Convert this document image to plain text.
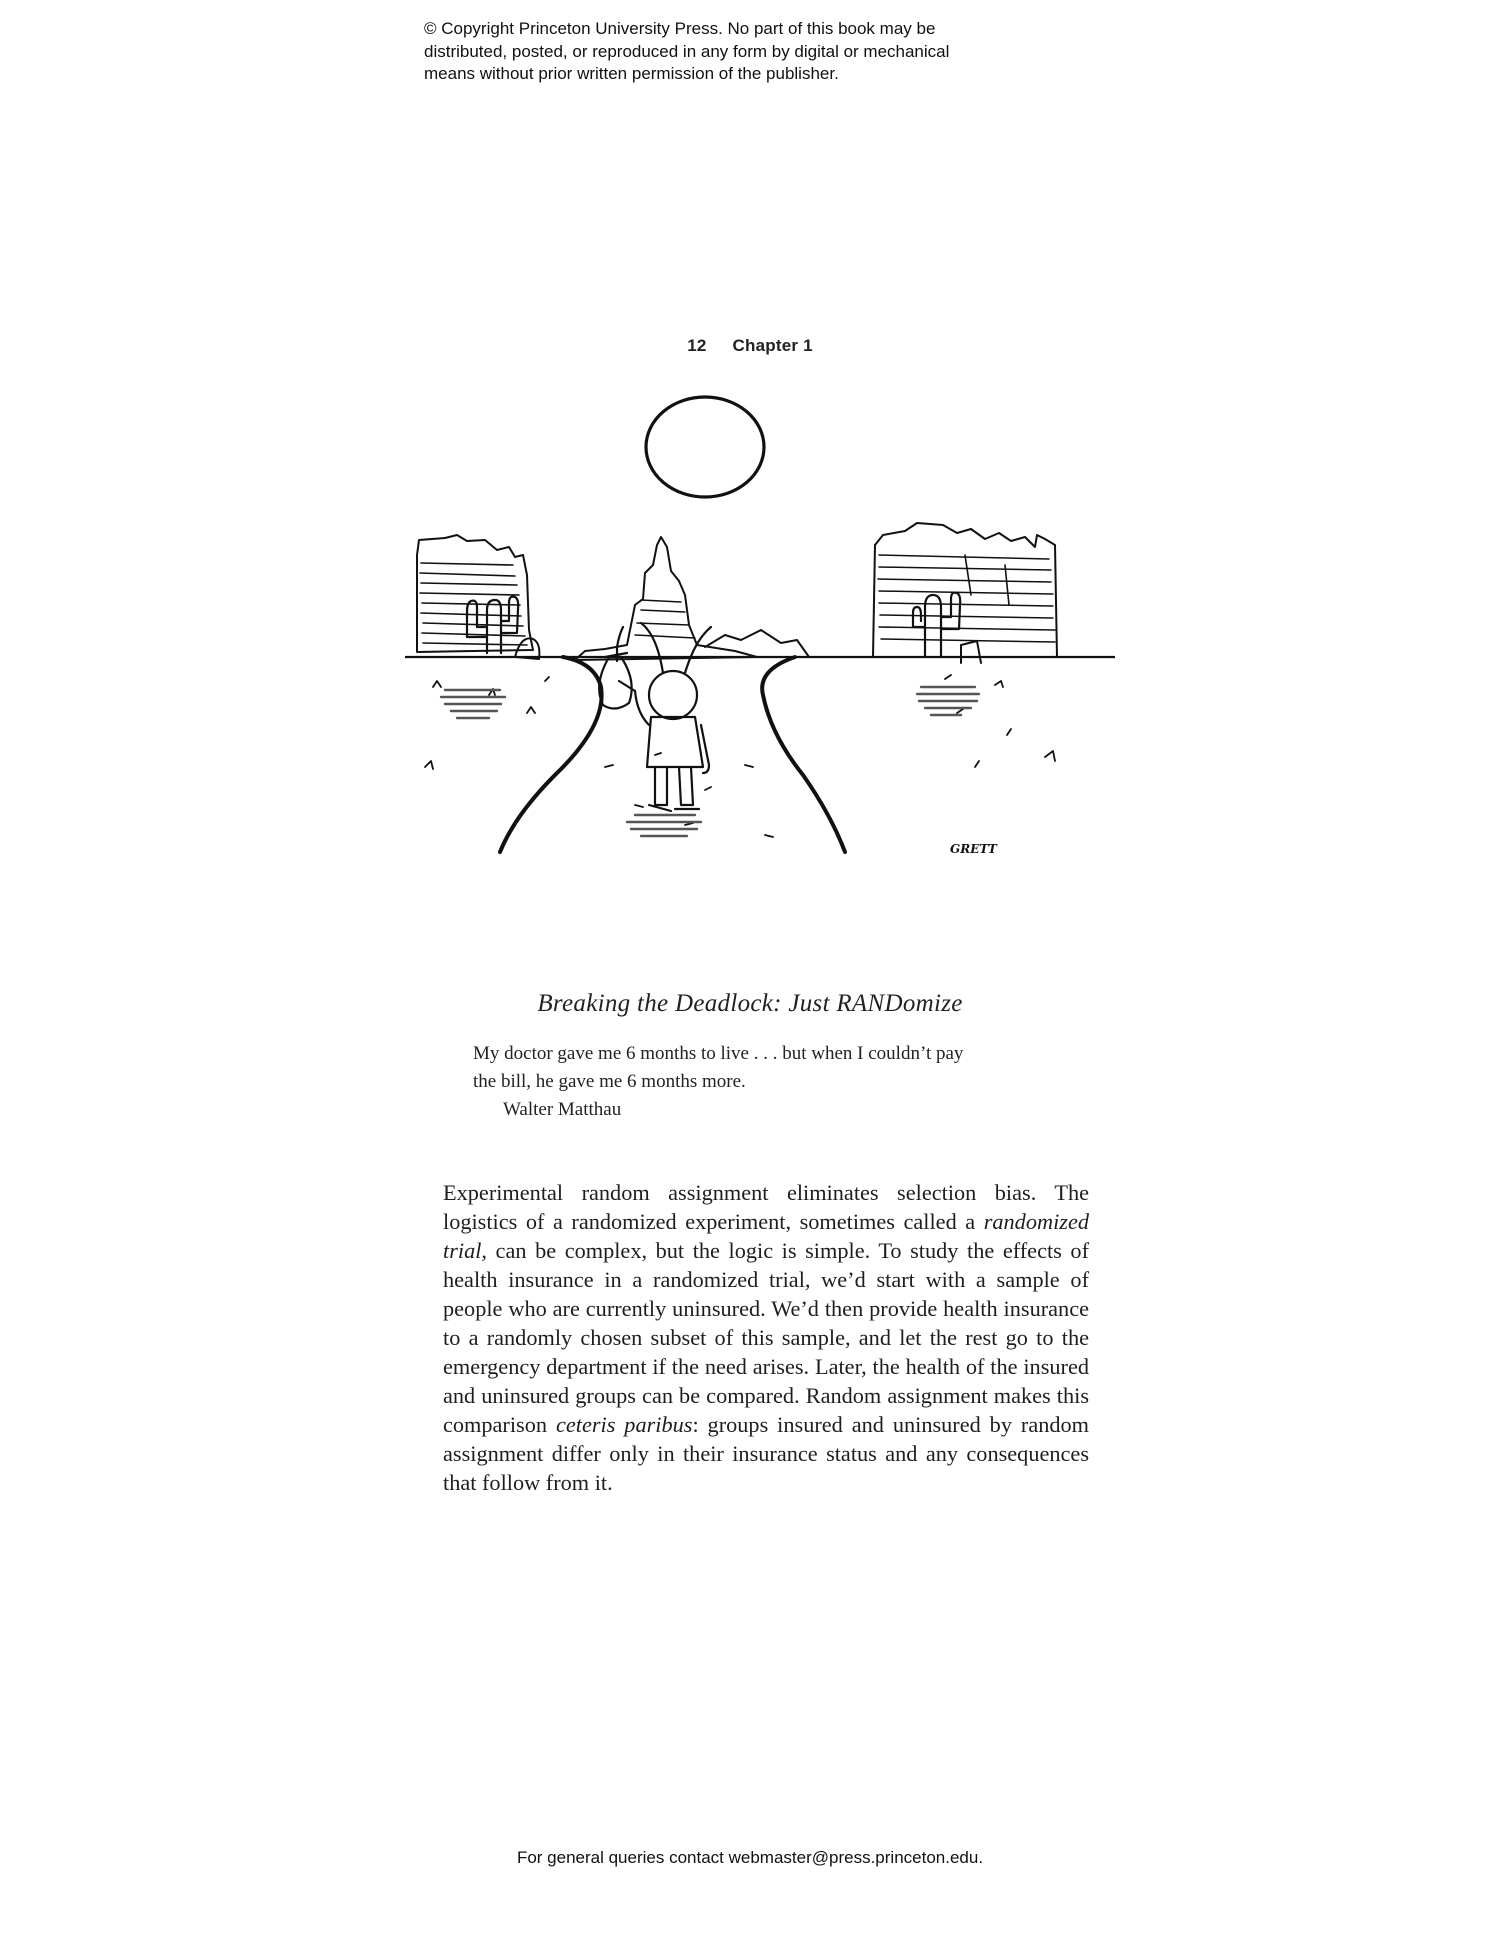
© Copyright Princeton University Press. No part of this book may be
distributed, posted, or reproduced in any form by digital or mechanical
means without prior written permission of the publisher.
12 Chapter 1
GRETT
Breaking the Deadlock: Just RANDomize
My doctor gave me 6 months to live . . . but when I couldn’t pay
the bill, he gave me 6 months more.
Walter Matthau
Experimental random assignment eliminates selection bias. The logistics of a randomized experiment, sometimes called a randomized trial, can be complex, but the logic is simple. To study the effects of health insurance in a randomized trial, we’d start with a sample of people who are currently uninsured. We’d then provide health insurance to a randomly chosen subset of this sample, and let the rest go to the emergency department if the need arises. Later, the health of the insured and uninsured groups can be compared. Random assignment makes this comparison ceteris paribus: groups insured and uninsured by random assignment differ only in their insurance status and any consequences that follow from it.
For general queries contact webmaster@press.princeton.edu.
